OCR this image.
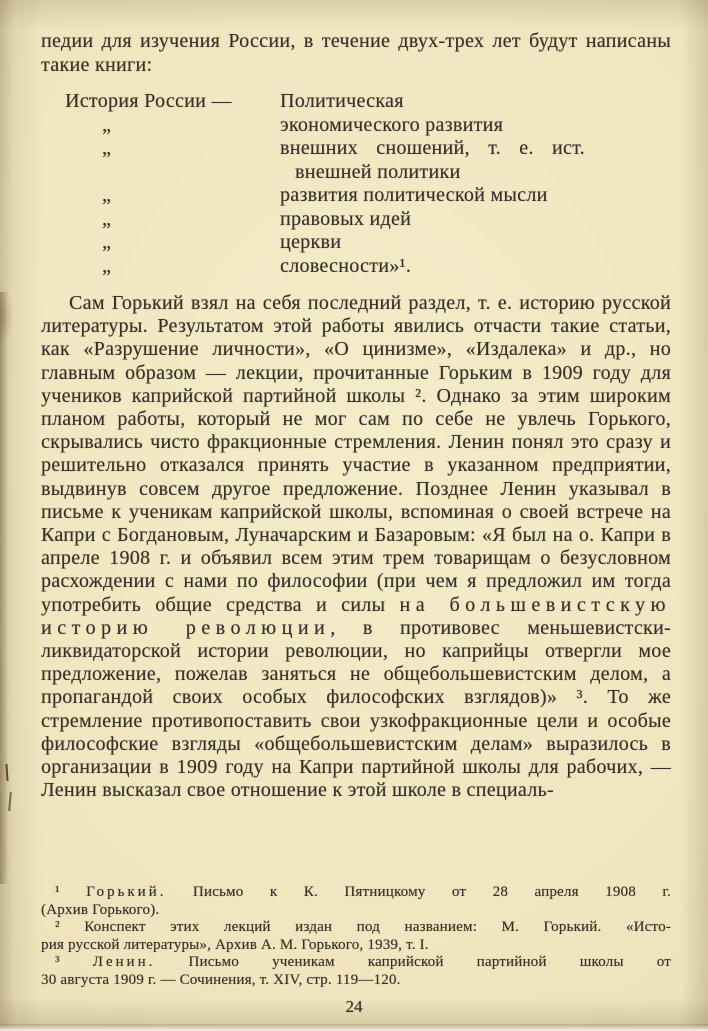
педии для изучения России, в течение двух-трех лет будут написаны такие книги:

История России —	Политическая
„	экономического развития
„	внешних сношений, т. е. ист.
внешней политики
„	развития политической мысли
„	правовых идей
„	церкви
„	словесности»¹.

Сам Горький взял на себя последний раздел, т. е. историю русской литературы. Результатом этой работы явились отчасти такие статьи, как «Разрушение личности», «О цинизме», «Издалека» и др., но главным образом — лекции, прочитанные Горьким в 1909 году для учеников каприйской партийной школы ². Однако за этим широким планом работы, который не мог сам по себе не увлечь Горького, скрывались чисто фракционные стремления. Ленин понял это сразу и решительно отказался принять участие в указанном предприятии, выдвинув совсем другое предложение. Позднее Ленин указывал в письме к ученикам каприйской школы, вспоминая о своей встрече на Капри с Богдановым, Луначарским и Базаровым: «Я был на о. Капри в апреле 1908 г. и объявил всем этим трем товарищам о безусловном расхождении с нами по философии (при чем я предложил им тогда употребить общие средства и силы на большевистскую историю революции, в противовес меньшевистски-ликвидаторской истории революции, но каприйцы отвергли мое предложение, пожелав заняться не общебольшевистским делом, а пропагандой своих особых философских взглядов)» ³. То же стремление противопоставить свои узкофракционные цели и особые философские взгляды «общебольшевистским делам» выразилось в организации в 1909 году на Капри партийной школы для рабочих, — Ленин высказал свое отношение к этой школе в специаль-

¹ Горький. Письмо к К. Пятницкому от 28 апреля 1908 г.
(Архив Горького).

² Конспект этих лекций издан под названием: М. Горький. «Исто-
рия русской литературы», Архив А. М. Горького, 1939, т. I.

³ Ленин. Письмо ученикам каприйской партийной школы от
30 августа 1909 г. — Сочинения, т. XIV, стр. 119—120.

24
